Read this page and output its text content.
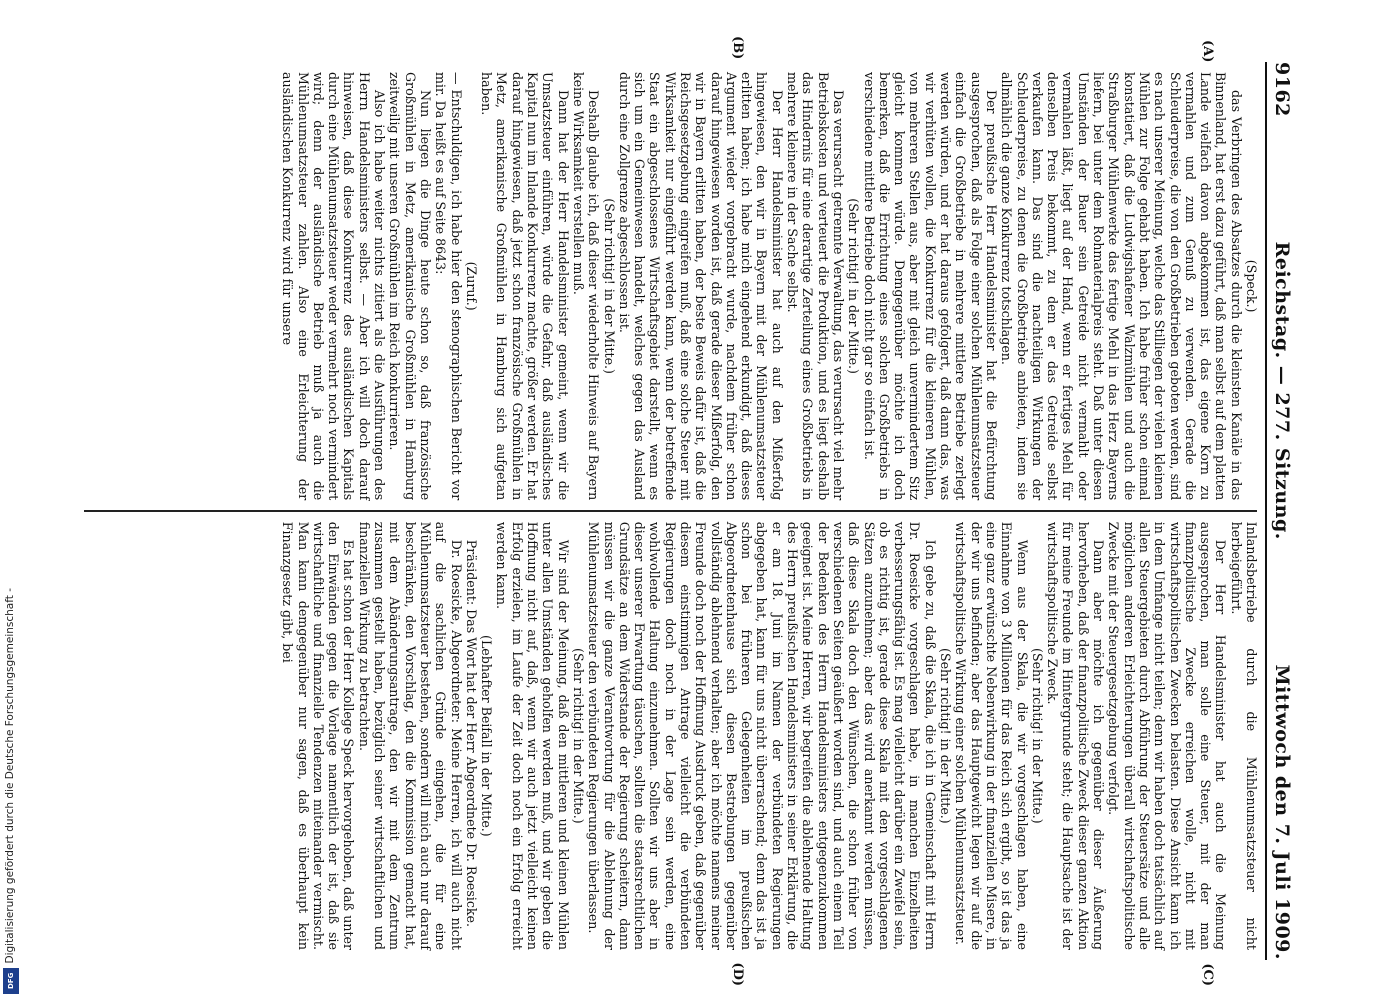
Digitalisierung gefördert durch die Deutsche Forschungsgemeinschaft -
DFG
9162
Reichstag. — 277. Sitzung.
Mittwoch den 7. Juli 1909.
(A)
(B)
(C)
(D)

(Speck.)

das Verbringen des Absatzes durch die kleinsten Kanäle in das Binnenland, hat erst dazu geführt, daß man selbst auf dem platten Lande vielfach davon abgekommen ist, das eigene Korn zu vermahlen und zum Genuß zu verwenden. Gerade die Schleuderpreise, die von den Großbetrieben geboten werden, sind es nach unserer Meinung, welche das Stilliegen der vielen kleinen Mühlen zur Folge gehabt haben. Ich habe früher schon einmal konstatiert, daß die Ludwigshafener Walzmühlen und auch die Straßburger Mühlenwerke das fertige Mehl in das Herz Bayerns liefern, bei unter dem Rohmaterialpreis steht. Daß unter diesen Umständen der Bauer sein Getreide nicht vermahlt oder vermahlen läßt, liegt auf der Hand, wenn er fertiges Mehl für denselben Preis bekommt, zu dem er das Getreide selbst verkaufen kann. Das sind die nachteiligen Wirkungen der Schleuderpreise, zu denen die Großbetriebe anbieten, indem sie allmählich die ganze Konkurrenz totschlagen.

Der preußische Herr Handelsminister hat die Befürchtung ausgesprochen, daß als Folge einer solchen Mühlenumsatzsteuer einfach die Großbetriebe in mehrere mittlere Betriebe zerlegt werden würden, und er hat daraus gefolgert, daß dann das, was wir verhüten wollen, die Konkurrenz für die kleineren Mühlen, von mehreren Stellen aus, aber mit gleich unvermindertem Sitz gleicht kommen würde. Demgegenüber möchte ich doch bemerken, daß die Errichtung eines solchen Großbetriebs in verschiedene mittlere Betriebe doch nicht gar so einfach ist.

(Sehr richtig! in der Mitte.)

Das verursacht getrennte Verwaltung, das verursacht viel mehr Betriebskosten und verteuert die Produktion, und es liegt deshalb das Hindernis für eine derartige Zerteilung eines Großbetriebs in mehrere kleinere in der Sache selbst.

Der Herr Handelsminister hat auch auf den Mißerfolg hingewiesen, den wir in Bayern mit der Mühlenumsatzsteuer erlitten haben; ich habe mich eingehend erkundigt, daß dieses Argument wieder vorgebracht wurde, nachdem früher schon darauf hingewiesen worden ist, daß gerade dieser Mißerfolg, den wir in Bayern erlitten haben, der beste Beweis dafür ist, daß die Reichsgesetzgebung eingreifen muß, daß eine solche Steuer mit Wirksamkeit nur eingeführt werden kann, wenn der betreffende Staat ein abgeschlossenes Wirtschaftsgebiet darstellt, wenn es sich um ein Gemeinwesen handelt, welches gegen das Ausland durch eine Zollgrenze abgeschlossen ist.

(Sehr richtig! in der Mitte.)

Deshalb glaube ich, daß dieser wiederholte Hinweis auf Bayern keine Wirksamkeit verstellen muß.

Dann hat der Herr Handelsminister gemeint, wenn wir die Umsatzsteuer einführen, würde die Gefahr, daß ausländisches Kapital nun im Inlande Konkurrenz machte, größer werden. Er hat darauf hingewiesen, daß jetzt schon französische Großmühlen in Metz, amerikanische Großmühlen in Hamburg sich aufgetan haben.

(Zuruf.)

— Entschuldigen, ich habe hier den stenographischen Bericht vor mir. Da heißt es auf Seite 8643:

Nun liegen die Dinge heute schon so, daß französische Großmühlen in Metz, amerikanische Großmühlen in Hamburg zeitweilig mit unseren Großmühlen im Reich konkurrieren.

Also ich habe weiter nichts zitiert als die Ausführungen des Herrn Handelsministers selbst. — Aber ich will doch darauf hinweisen, daß diese Konkurrenz des ausländischen Kapitals durch eine Mühlenumsatzsteuer weder vermehrt noch vermindert wird; denn der ausländische Betrieb muß ja auch die Mühlenumsatzsteuer zahlen. Also eine Erleichterung der ausländischen Konkurrenz wird für unsere

Inlandsbetriebe durch die Mühlenumsatzsteuer nicht herbeigeführt.

Der Herr Handelsminister hat auch die Meinung ausgesprochen, man solle eine Steuer, mit der man finanzpolitische Zwecke erreichen wolle, nicht mit wirtschaftspolitischen Zwecken belasten. Diese Ansicht kann ich in dem Umfange nicht teilen; denn wir haben doch tatsächlich auf allen Steuergebieten durch Abführung der Steuersätze und alle möglichen anderen Erleichterungen überall wirtschaftspolitische Zwecke mit der Steuergesetzgebung verfolgt.

Dann aber möchte ich gegenüber dieser Äußerung hervorheben, daß der finanzpolitische Zweck dieser ganzen Aktion für meine Freunde im Hintergrunde steht; die Hauptsache ist der wirtschaftspolitische Zweck.

(Sehr richtig! in der Mitte.)

Wenn aus der Skala, die wir vorgeschlagen haben, eine Einnahme von 3 Millionen für das Reich sich ergibt, so ist das ja eine ganz erwünschte Nebenwirkung in der finanziellen Misere, in der wir uns befinden; aber das Hauptgewicht legen wir auf die wirtschaftspolitische Wirkung einer solchen Mühlenumsatzsteuer.

(Sehr richtig! in der Mitte.)

Ich gebe zu, daß die Skala, die ich in Gemeinschaft mit Herrn Dr. Roesicke vorgeschlagen habe, in manchen Einzelheiten verbesserungsfähig ist. Es mag vielleicht darüber ein Zweifel sein, ob es richtig ist, gerade diese Skala mit den vorgeschlagenen Sätzen anzunehmen; aber das wird anerkannt werden müssen, daß diese Skala doch den Wünschen, die schon früher von verschiedenen Seiten geäußert worden sind, und auch einem Teil der Bedenken des Herrn Handelsministers entgegenzukommen geeignet ist. Meine Herren, wir begreifen die ablehnende Haltung des Herrn preußischen Handelsministers in seiner Erklärung, die er am 18. Juni im Namen der verbündeten Regierungen abgegeben hat, kann für uns nicht überraschend; denn das ist ja schon bei früheren Gelegenheiten im preußischen Abgeordnetenhause sich diesen Bestrebungen gegenüber vollständig ablehnend verhalten; aber ich möchte namens meiner Freunde doch noch der Hoffnung Ausdruck geben, daß gegenüber diesem einstimmigen Antrage vielleicht die verbündeten Regierungen doch noch in der Lage sein werden, eine wohlwollende Haltung einzunehmen. Sollten wir uns aber in dieser unserer Erwartung täuschen, sollten die staatsrechtlichen Grundsätze an dem Widerstande der Regierung scheitern, dann müssen wir die ganze Verantwortung für die Ablehnung der Mühlenumsatzsteuer den verbündeten Regierungen überlassen.

(Sehr richtig! in der Mitte.)

Wir sind der Meinung, daß den mittleren und kleinen Mühlen unter allen Umständen geholfen werden muß, und wir geben die Hoffnung nicht auf, daß, wenn wir auch jetzt vielleicht keinen Erfolg erzielen, im Laufe der Zeit doch noch ein Erfolg erreicht werden kann.

(Lebhafter Beifall in der Mitte.)

Präsident: Das Wort hat der Herr Abgeordnete Dr. Roesicke.

Dr. Roesicke, Abgeordneter: Meine Herren, ich will auch nicht auf die sachlichen Gründe eingehen, die für eine Mühlenumsatzsteuer bestehen, sondern will mich auch nur darauf beschränken, den Vorschlag, den die Kommission gemacht hat, mit dem Abänderungsantrage, den wir mit dem Zentrum zusammen gestellt haben, bezüglich seiner wirtschaftlichen und finanziellen Wirkung zu betrachten.

Es hat schon der Herr Kollege Speck hervorgehoben, daß unter den Einwänden gegen die Vorlage namentlich der ist, daß sie wirtschaftliche und finanzielle Tendenzen miteinander vermischt. Man kann demgegenüber nur sagen, daß es überhaupt kein Finanzgesetz gibt, bei
